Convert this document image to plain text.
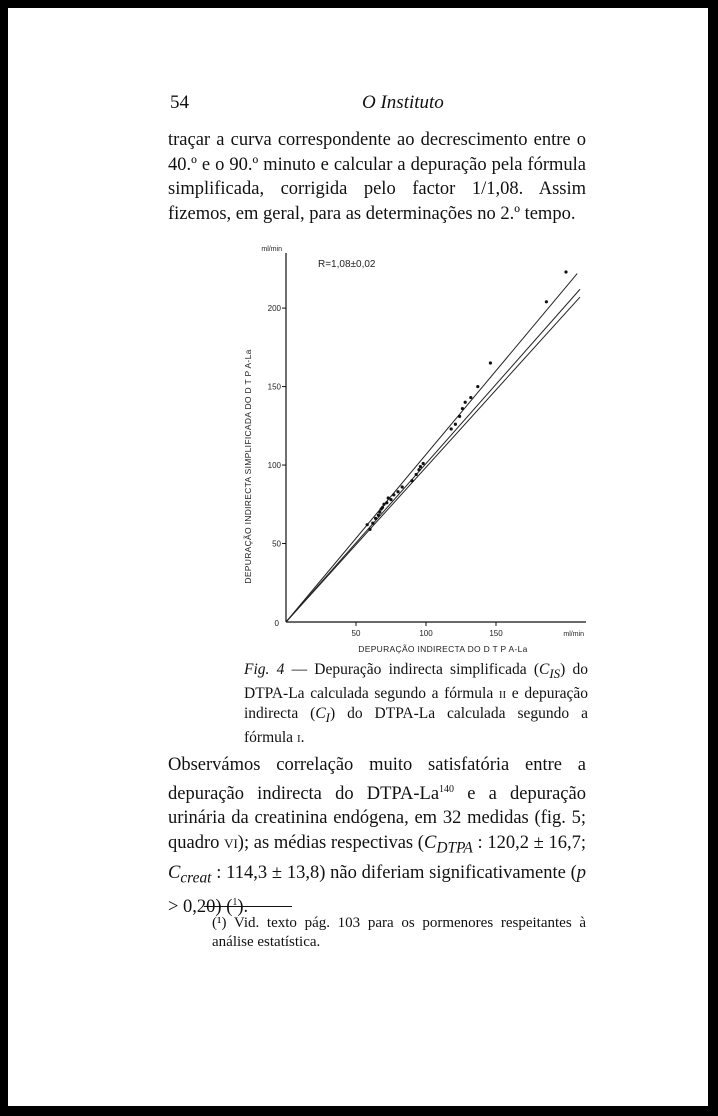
54	O Instituto

traçar a curva correspondente ao decrescimento entre o 40.º e o 90.º minuto e calcular a depuração pela fórmula simplificada, corrigida pelo factor 1/1,08. Assim fizemos, em geral, para as determinações no 2.º tempo.

50
100
150
200
50	100	150
0
ml/min
ml/min
DEPURAÇÃO INDIRECTA DO D T P A-La
DEPURAÇÃO INDIRECTA SIMPLIFICADA DO D T P A-La
R=1,08±0,02
Fig. 4 — Depuração indirecta simplificada $(C_{IS})$ do DTPA-La calculada segundo a fórmula ii e depuração indirecta $(C_I)$ do DTPA-La calculada segundo a fórmula i.

Observámos correlação muito satisfatória entre a depuração indirecta do DTPA-La$^{140}$ e a depuração urinária da creatinina endógena, em 32 medidas (fig. 5; quadro vi); as médias respectivas ($C_{DTPA}$ : 120,2 ± 16,7; $C_{creat}$ : 114,3 ± 13,8) não diferiam significativamente (p > 0,20) ($^1$).

(¹) Vid. texto pág. 103 para os pormenores respeitantes à análise estatística.
